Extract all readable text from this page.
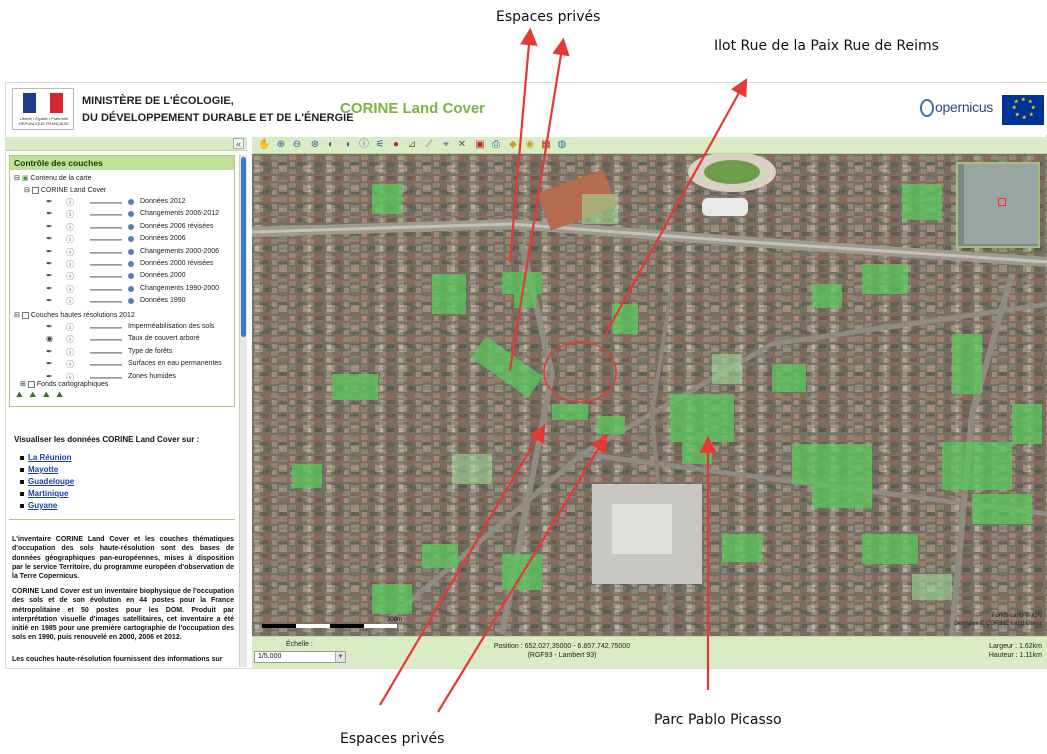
Espaces privés
Ilot Rue de la Paix Rue de Reims
Parc Pablo Picasso
Espaces privés
Liberté • Égalité • Fraternité RÉPUBLIQUE FRANÇAISE
MINISTÈRE DE L'ÉCOLOGIE,
DU DÉVELOPPEMENT DURABLE ET DE L'ÉNERGIE
CORINE Land Cover	opernicus	★ ★
★
★
★
★
★
★
«
Contrôle des couches
⊟ ▣ Contenu de la carte
⊟ CORINE Land Cover
✒ ⓘ	Données 2012
✒ ⓘ	Changements 2006-2012
✒ ⓘ	Données 2006 révisées
✒ ⓘ	Données 2006
✒ ⓘ	Changements 2000-2006
✒ ⓘ	Données 2000 révisées
✒ ⓘ	Données 2000
✒ ⓘ	Changements 1990-2000
✒ ⓘ	Données 1990
⊟ Couches hautes résolutions 2012
✒ ⓘ	Imperméabilisation des sols
◉ ⓘ	Taux de couvert arboré
✒ ⓘ	Type de forêts
✒ ⓘ	Surfaces en eau permanentes
✒ ⓘ	Zones humides
⊞ Fonds cartographiques
⛰ ⛰ ⛰ ⛰
Visualiser les données CORINE Land Cover sur :
La Réunion
Mayotte
Guadeloupe
Martinique
Guyane
L'inventaire CORINE Land Cover et les couches thématiques d'occupation des sols haute-résolution sont des bases de données géographiques pan-européennes, mises à disposition par le service Territoire, du programme européen d'observation de la Terre Copernicus.
CORINE Land Cover est un inventaire biophysique de l'occupation des sols et de son évolution en 44 postes pour la France métropolitaine et 50 postes pour les DOM. Produit par interprétation visuelle d'images satellitaires, cet inventaire a été initié en 1985 pour une première cartographie de l'occupation des sols en 1990, puis renouvelé en 2000, 2006 et 2012.
Les couches haute-résolution fournissent des informations sur
✋ ⊕ ⊖ ⊛ ◐ ◑ ⓘ ⚟ ● ⊿ ⟋	⌖ ✕ ▣ ⎙ ◆ ◉ ▦ ◍
300m
Fonds carto © IGN
Données © CORINE Land Cover
Échelle :
1/5.000	▼
Position : 652.027,35000 - 6.857.742,75000
(RGF93 - Lambert 93)
Largeur : 1.62km
Hauteur : 1.11km
